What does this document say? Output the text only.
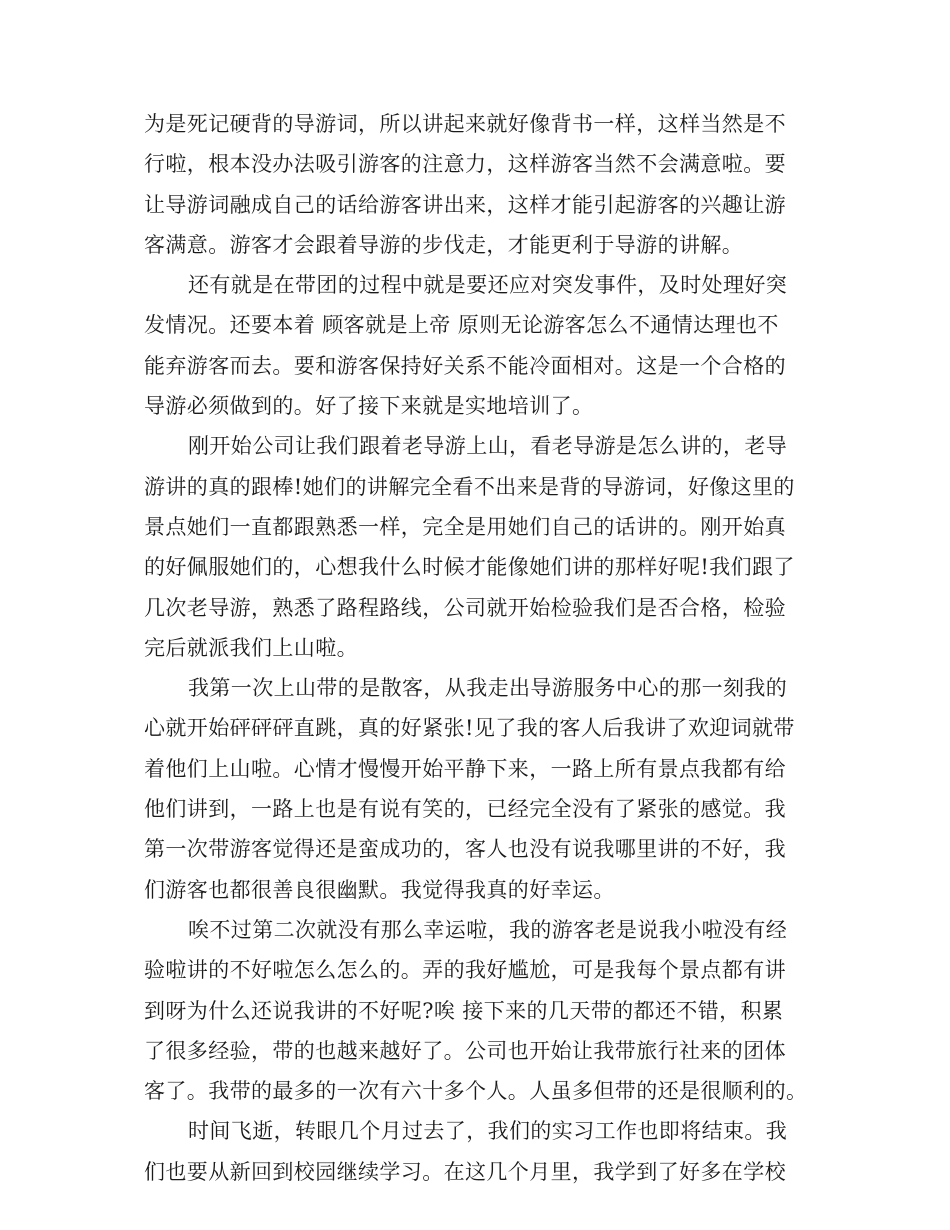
为是死记硬背的导游词，所以讲起来就好像背书一样，这样当然是不
行啦，根本没办法吸引游客的注意力，这样游客当然不会满意啦。要
让导游词融成自己的话给游客讲出来，这样才能引起游客的兴趣让游
客满意。游客才会跟着导游的步伐走，才能更利于导游的讲解。
还有就是在带团的过程中就是要还应对突发事件，及时处理好突
发情况。还要本着 顾客就是上帝 原则无论游客怎么不通情达理也不
能弃游客而去。要和游客保持好关系不能冷面相对。这是一个合格的
导游必须做到的。好了接下来就是实地培训了。
刚开始公司让我们跟着老导游上山，看老导游是怎么讲的，老导
游讲的真的跟棒!她们的讲解完全看不出来是背的导游词，好像这里的
景点她们一直都跟熟悉一样，完全是用她们自己的话讲的。刚开始真
的好佩服她们的，心想我什么时候才能像她们讲的那样好呢!我们跟了
几次老导游，熟悉了路程路线，公司就开始检验我们是否合格，检验
完后就派我们上山啦。
我第一次上山带的是散客，从我走出导游服务中心的那一刻我的
心就开始砰砰砰直跳，真的好紧张!见了我的客人后我讲了欢迎词就带
着他们上山啦。心情才慢慢开始平静下来，一路上所有景点我都有给
他们讲到，一路上也是有说有笑的，已经完全没有了紧张的感觉。我
第一次带游客觉得还是蛮成功的，客人也没有说我哪里讲的不好，我
们游客也都很善良很幽默。我觉得我真的好幸运。
唉不过第二次就没有那么幸运啦，我的游客老是说我小啦没有经
验啦讲的不好啦怎么怎么的。弄的我好尴尬，可是我每个景点都有讲
到呀为什么还说我讲的不好呢?唉 接下来的几天带的都还不错，积累
了很多经验，带的也越来越好了。公司也开始让我带旅行社来的团体
客了。我带的最多的一次有六十多个人。人虽多但带的还是很顺利的。
时间飞逝，转眼几个月过去了，我们的实习工作也即将结束。我
们也要从新回到校园继续学习。在这几个月里，我学到了好多在学校
